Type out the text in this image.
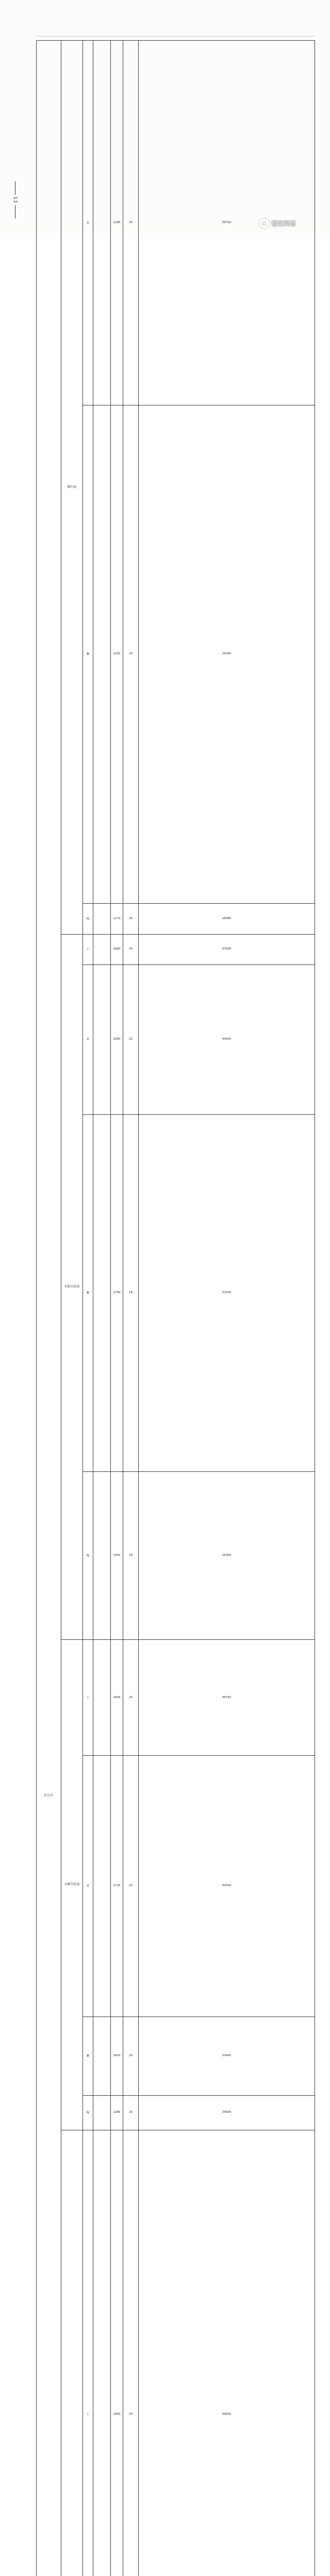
宜昌市	秭归县	Ⅱ		1280	24	30720	
		Ⅲ		1220	24	29280	
		Ⅳ		1170	24	28080	
	长阳自治县	Ⅰ		2680	25	67000	
		Ⅱ		2000	22	44000	
		Ⅲ		1750	18	31500	
		Ⅳ		1350	18	24300	
	五峰自治县	Ⅰ		1830	25	45750	
		Ⅱ		1720	25	43000	
		Ⅲ		1620	20	32400	
		Ⅳ		1280	20	25600	
	Ⅰ		2450	20	49000	

13
● 悟空问答
